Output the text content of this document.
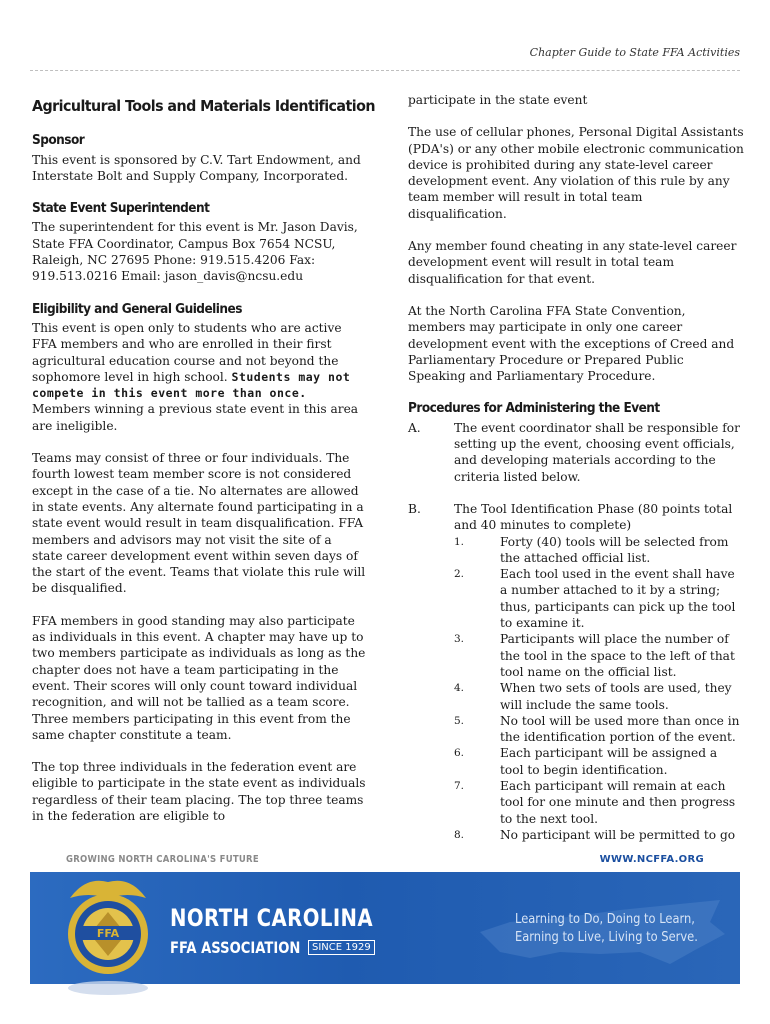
Chapter Guide to State FFA Activities
Agricultural Tools and Materials Identification
Sponsor

This event is sponsored by C.V. Tart Endowment, and Interstate Bolt and Supply Company, Incorporated.

State Event Superintendent

The superintendent for this event is Mr. Jason Davis, State FFA Coordinator, Campus Box 7654 NCSU, Raleigh, NC 27695 Phone: 919.515.4206 Fax: 919.513.0216 Email: jason_davis@ncsu.edu

Eligibility and General Guidelines

This event is open only to students who are active FFA members and who are enrolled in their first agricultural education course and not beyond the sophomore level in high school. Students may not compete in this event more than once. Members winning a previous state event in this area are ineligible.

Teams may consist of three or four individuals. The fourth lowest team member score is not considered except in the case of a tie. No alternates are allowed in state events. Any alternate found participating in a state event would result in team disqualification. FFA members and advisors may not visit the site of a state career development event within seven days of the start of the event. Teams that violate this rule will be disqualified.

FFA members in good standing may also participate as individuals in this event. A chapter may have up to two members participate as individuals as long as the chapter does not have a team participating in the event. Their scores will only count toward individual recognition, and will not be tallied as a team score. Three members participating in this event from the same chapter constitute a team.

The top three individuals in the federation event are eligible to participate in the state event as individuals regardless of their team placing. The top three teams in the federation are eligible to

participate in the state event

The use of cellular phones, Personal Digital Assistants (PDA's) or any other mobile electronic communication device is prohibited during any state-level career development event. Any violation of this rule by any team member will result in total team disqualification.

Any member found cheating in any state-level career development event will result in total team disqualification for that event.

At the North Carolina FFA State Convention, members may participate in only one career development event with the exceptions of Creed and Parliamentary Procedure or Prepared Public Speaking and Parliamentary Procedure.

Procedures for Administering the Event
A.	The event coordinator shall be responsible for setting up the event, choosing event officials, and developing materials according to the criteria listed below.
B.	The Tool Identification Phase (80 points total and 40 minutes to complete)
1.	Forty (40) tools will be selected from the attached official list.
2.	Each tool used in the event shall have a number attached to it by a string; thus, participants can pick up the tool to examine it.
3.	Participants will place the number of the tool in the space to the left of that tool name on the official list.
4.	When two sets of tools are used, they will include the same tools.
5.	No tool will be used more than once in the identification portion of the event.
6.	Each participant will be assigned a tool to begin identification.
7.	Each participant will remain at each tool for one minute and then progress to the next tool.
8.	No participant will be permitted to go
GROWING NORTH CAROLINA'S FUTURE	WWW.NCFFA.ORG
NORTH CAROLINA
FFA ASSOCIATION	SINCE 1929
Learning to Do, Doing to Learn,
Earning to Live, Living to Serve.
FFA
